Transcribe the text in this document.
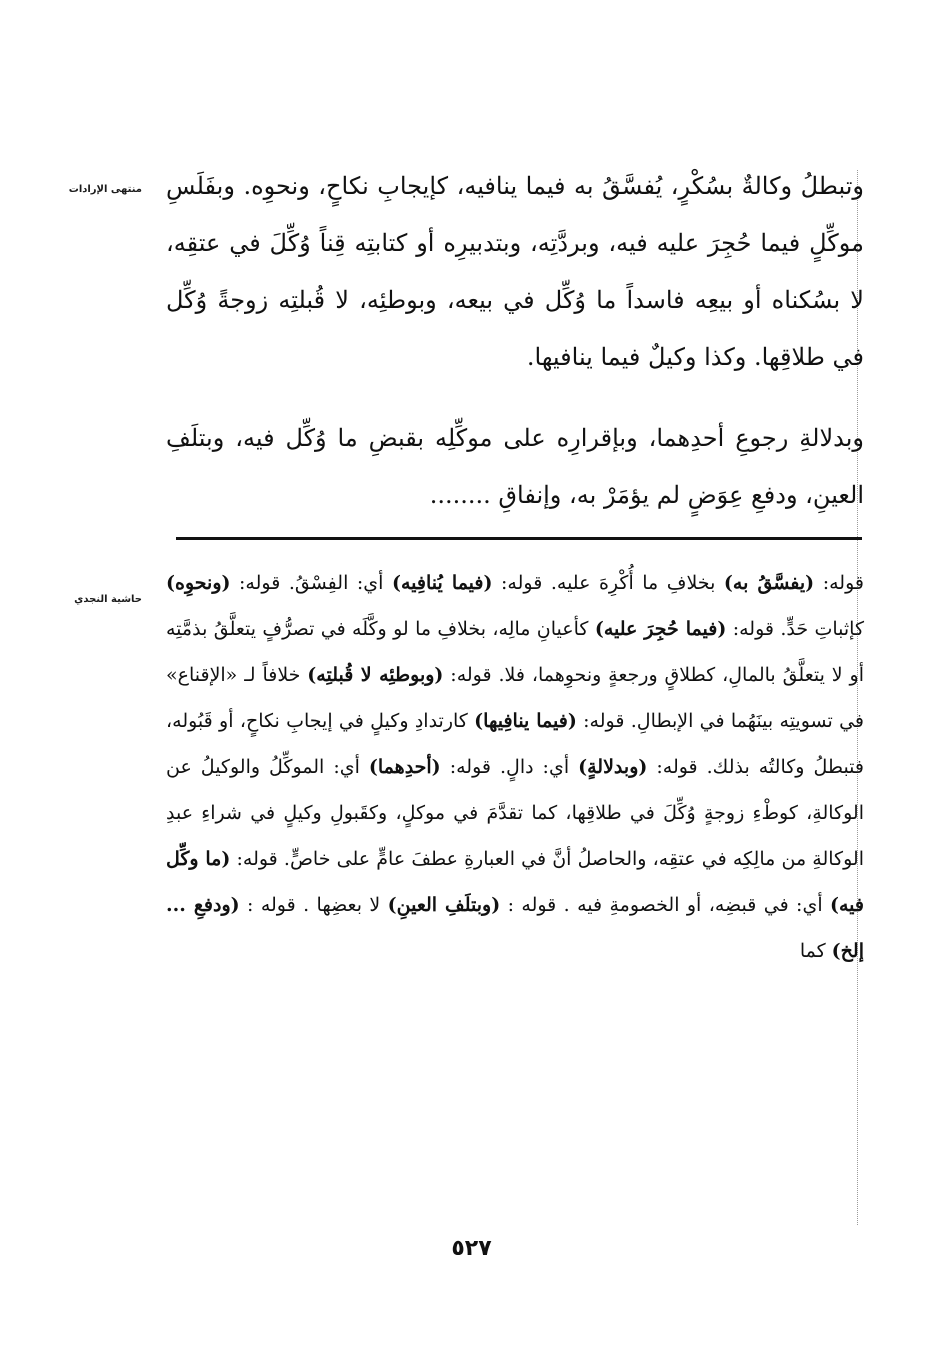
منتهى الإرادات
حاشية النجدي

وتبطلُ وكالةٌ بسُكْرٍ، يُفسَّقُ به فيما ينافيه، كإيجابِ نكاحٍ، ونحوِه. وبفَلَسِ موكِّلٍ فيما حُجِرَ عليه فيه، وبردَّتِه، وبتدبيرِه أو كتابتِه قِناً وُكِّلَ في عتقِه، لا بسُكناه أو بيعِه فاسداً ما وُكِّل في بيعه، وبوطئِه، لا قُبلتِه زوجةً وُكِّل في طلاقِها. وكذا وكيلٌ فيما ينافيها.

وبدلالةِ رجوعِ أحدِهما، وبإقرارِه على موكِّلِه بقبضِ ما وُكِّل فيه، وبتلَفِ العينِ، ودفعِ عِوَضٍ لم يؤمَرْ به، وإنفاقِ ........

قوله: (يفسَّقُ به) بخلافِ ما أُكْرِهَ عليه. قوله: (فيما يُنافِيه) أي: الفِسْقُ. قوله: (ونحوِه) كإثباتِ حَدٍّ. قوله: (فيما حُجِرَ عليه) كأعيانِ مالِه، بخلافِ ما لو وكَّلَه في تصرُّفٍ يتعلَّقُ بذمَّتِه أو لا يتعلَّقُ بالمالِ، كطلاقٍ ورجعةٍ ونحوِهما، فلا. قوله: (وبوطئِه لا قُبلتِه) خلافاً لـ «الإقناع» في تسويتِه بينَهُما في الإبطالِ. قوله: (فيما ينافِيها) كارتدادِ وكيلٍ في إيجابِ نكاحٍ، أو قَبُوله، فتبطلُ وكالتُه بذلك. قوله: (وبدلالةٍ) أي: دالٍ. قوله: (أحدِهما) أي: الموكِّلُ والوكيلُ عن الوكالةِ، كوطْءِ زوجةٍ وُكِّلَ في طلاقِها، كما تقدَّمَ في موكلٍ، وكقَبولِ وكيلٍ في شراءِ عبدِ الوكالةِ من مالِكِه في عتقِه، والحاصلُ أنَّ في العبارةِ عطفَ عامٍّ على خاصٍّ. قوله: (ما وكِّل فيه) أي: في قبضِه، أو الخصومةِ فيه . قوله : (وبتلَفِ العينِ) لا بعضِها . قوله : (ودفعِ ... إلخ) كما

٥٢٧
